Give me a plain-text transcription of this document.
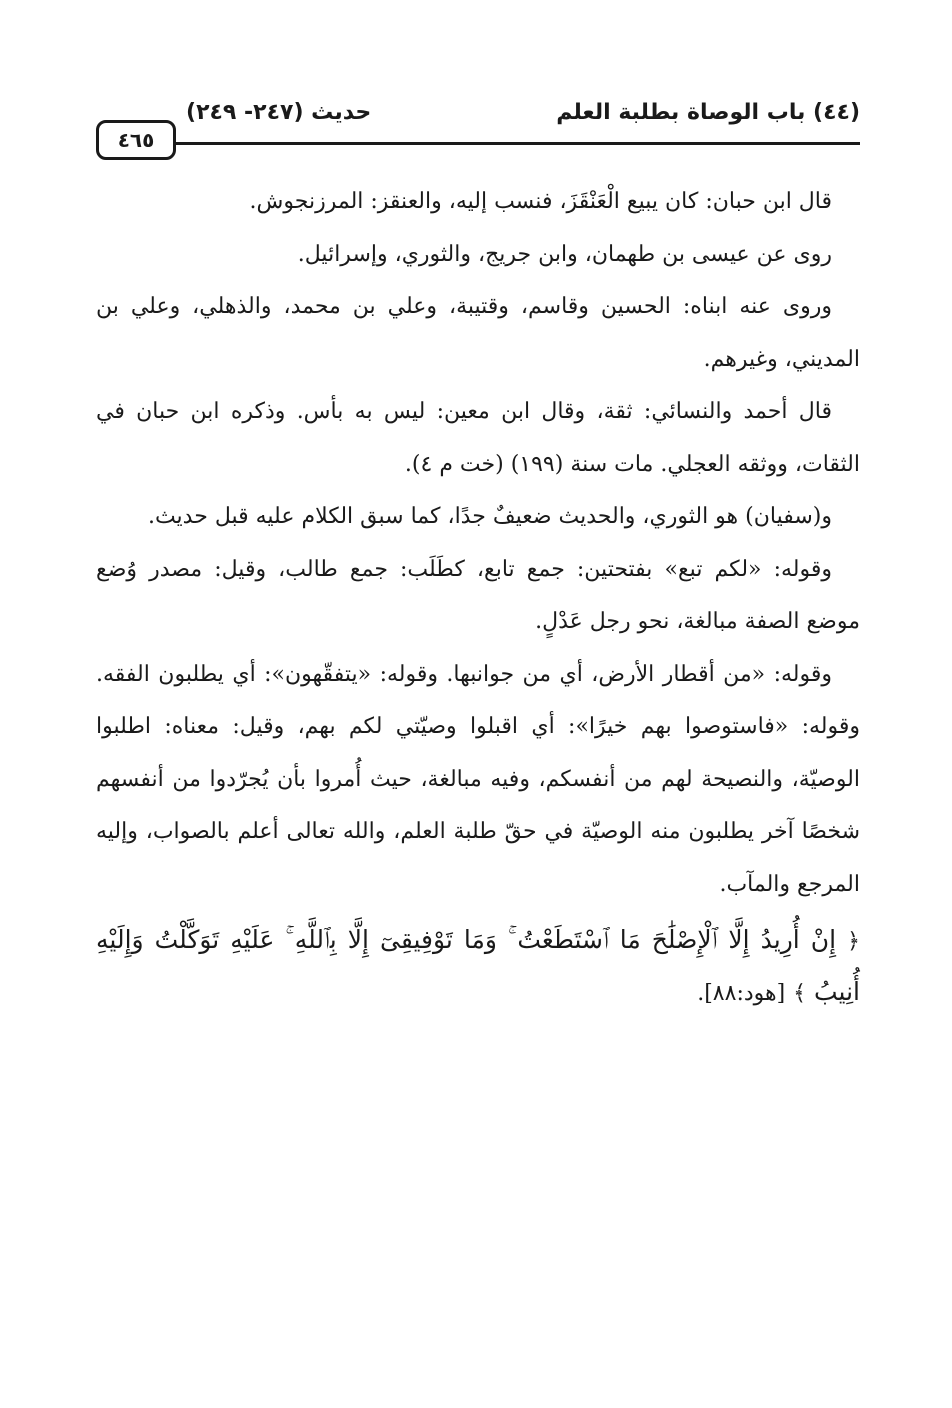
(٤٤) باب الوصاة بطلبة العلم
حديث (٢٤٧- ٢٤٩)
٤٦٥

قال ابن حبان: كان يبيع الْعَنْقَزَ، فنسب إليه، والعنقز: المرزنجوش.

روى عن عيسى بن طهمان، وابن جريج، والثوري، وإسرائيل.

وروى عنه ابناه: الحسين وقاسم، وقتيبة، وعلي بن محمد، والذهلي، وعلي بن المديني، وغيرهم.

قال أحمد والنسائي: ثقة، وقال ابن معين: ليس به بأس. وذكره ابن حبان في الثقات، ووثقه العجلي. مات سنة (١٩٩) (خت م ٤).

و(سفيان) هو الثوري، والحديث ضعيفٌ جدًا، كما سبق الكلام عليه قبل حديث.

وقوله: «لكم تبع» بفتحتين: جمع تابع، كطَلَب: جمع طالب، وقيل: مصدر وُضع موضع الصفة مبالغة، نحو رجل عَدْلٍ.

وقوله: «من أقطار الأرض، أي من جوانبها. وقوله: «يتفقّهون»: أي يطلبون الفقه. وقوله: «فاستوصوا بهم خيرًا»: أي اقبلوا وصيّتي لكم بهم، وقيل: معناه: اطلبوا الوصيّة، والنصيحة لهم من أنفسكم، وفيه مبالغة، حيث أُمروا بأن يُجرّدوا من أنفسهم شخصًا آخر يطلبون منه الوصيّة في حقّ طلبة العلم، والله تعالى أعلم بالصواب، وإليه المرجع والمآب.

﴿ إِنْ أُرِيدُ إِلَّا ٱلْإِصْلَٰحَ مَا ٱسْتَطَعْتُ ۚ وَمَا تَوْفِيقِىٓ إِلَّا بِٱللَّهِ ۚ عَلَيْهِ تَوَكَّلْتُ وَإِلَيْهِ أُنِيبُ ﴾ [هود:٨٨].
